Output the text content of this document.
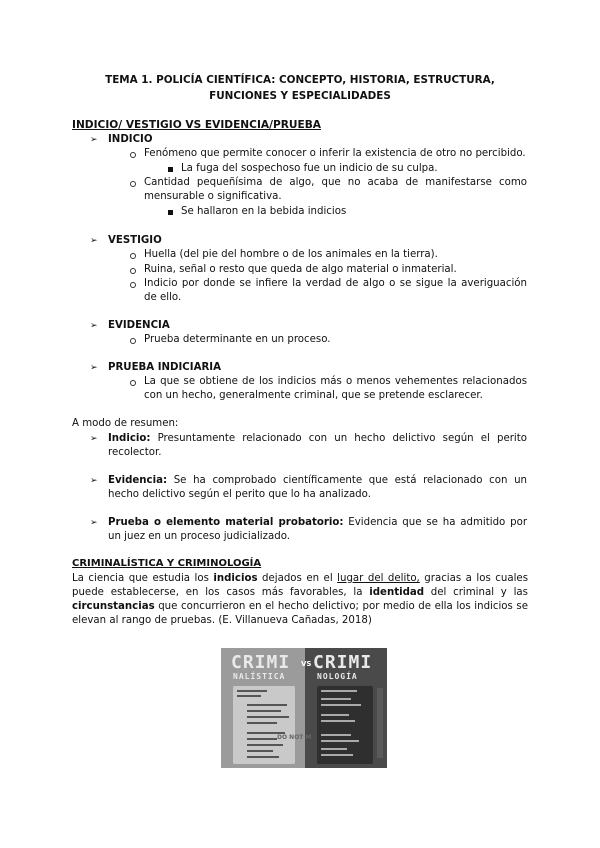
TEMA 1. POLICÍA CIENTÍFICA: CONCEPTO, HISTORIA, ESTRUCTURA,
FUNCIONES Y ESPECIALIDADES
INDICIO/ VESTIGIO VS EVIDENCIA/PRUEBA
➢ INDICIO
Fenómeno que permite conocer o inferir la existencia de otro no percibido.
La fuga del sospechoso fue un indicio de su culpa.
Cantidad pequeñísima de algo, que no acaba de manifestarse como mensurable o significativa.
Se hallaron en la bebida indicios
➢ VESTIGIO
Huella (del pie del hombre o de los animales en la tierra).
Ruina, señal o resto que queda de algo material o inmaterial.
Indicio por donde se infiere la verdad de algo o se sigue la averiguación de ello.
➢ EVIDENCIA
Prueba determinante en un proceso.
➢ PRUEBA INDICIARIA
La que se obtiene de los indicios más o menos vehementes relacionados con un hecho, generalmente criminal, que se pretende esclarecer.
A modo de resumen:
➢ Indicio: Presuntamente relacionado con un hecho delictivo según el perito recolector.
➢ Evidencia: Se ha comprobado científicamente que está relacionado con un hecho delictivo según el perito que lo ha analizado.
➢ Prueba o elemento material probatorio: Evidencia que se ha admitido por un juez en un proceso judicializado.
CRIMINALÍSTICA Y CRIMINOLOGÍA
La ciencia que estudia los indicios dejados en el lugar del delito, gracias a los cuales puede establecerse, en los casos más favorables, la identidad del criminal y las circunstancias que concurrieron en el hecho delictivo; por medio de ella los indicios se elevan al rango de pruebas. (E. Villanueva Cañadas, 2018)
CRIMI
NALÍSTICA
VS CRIMI
NOLOGÍA
DO NOT M
